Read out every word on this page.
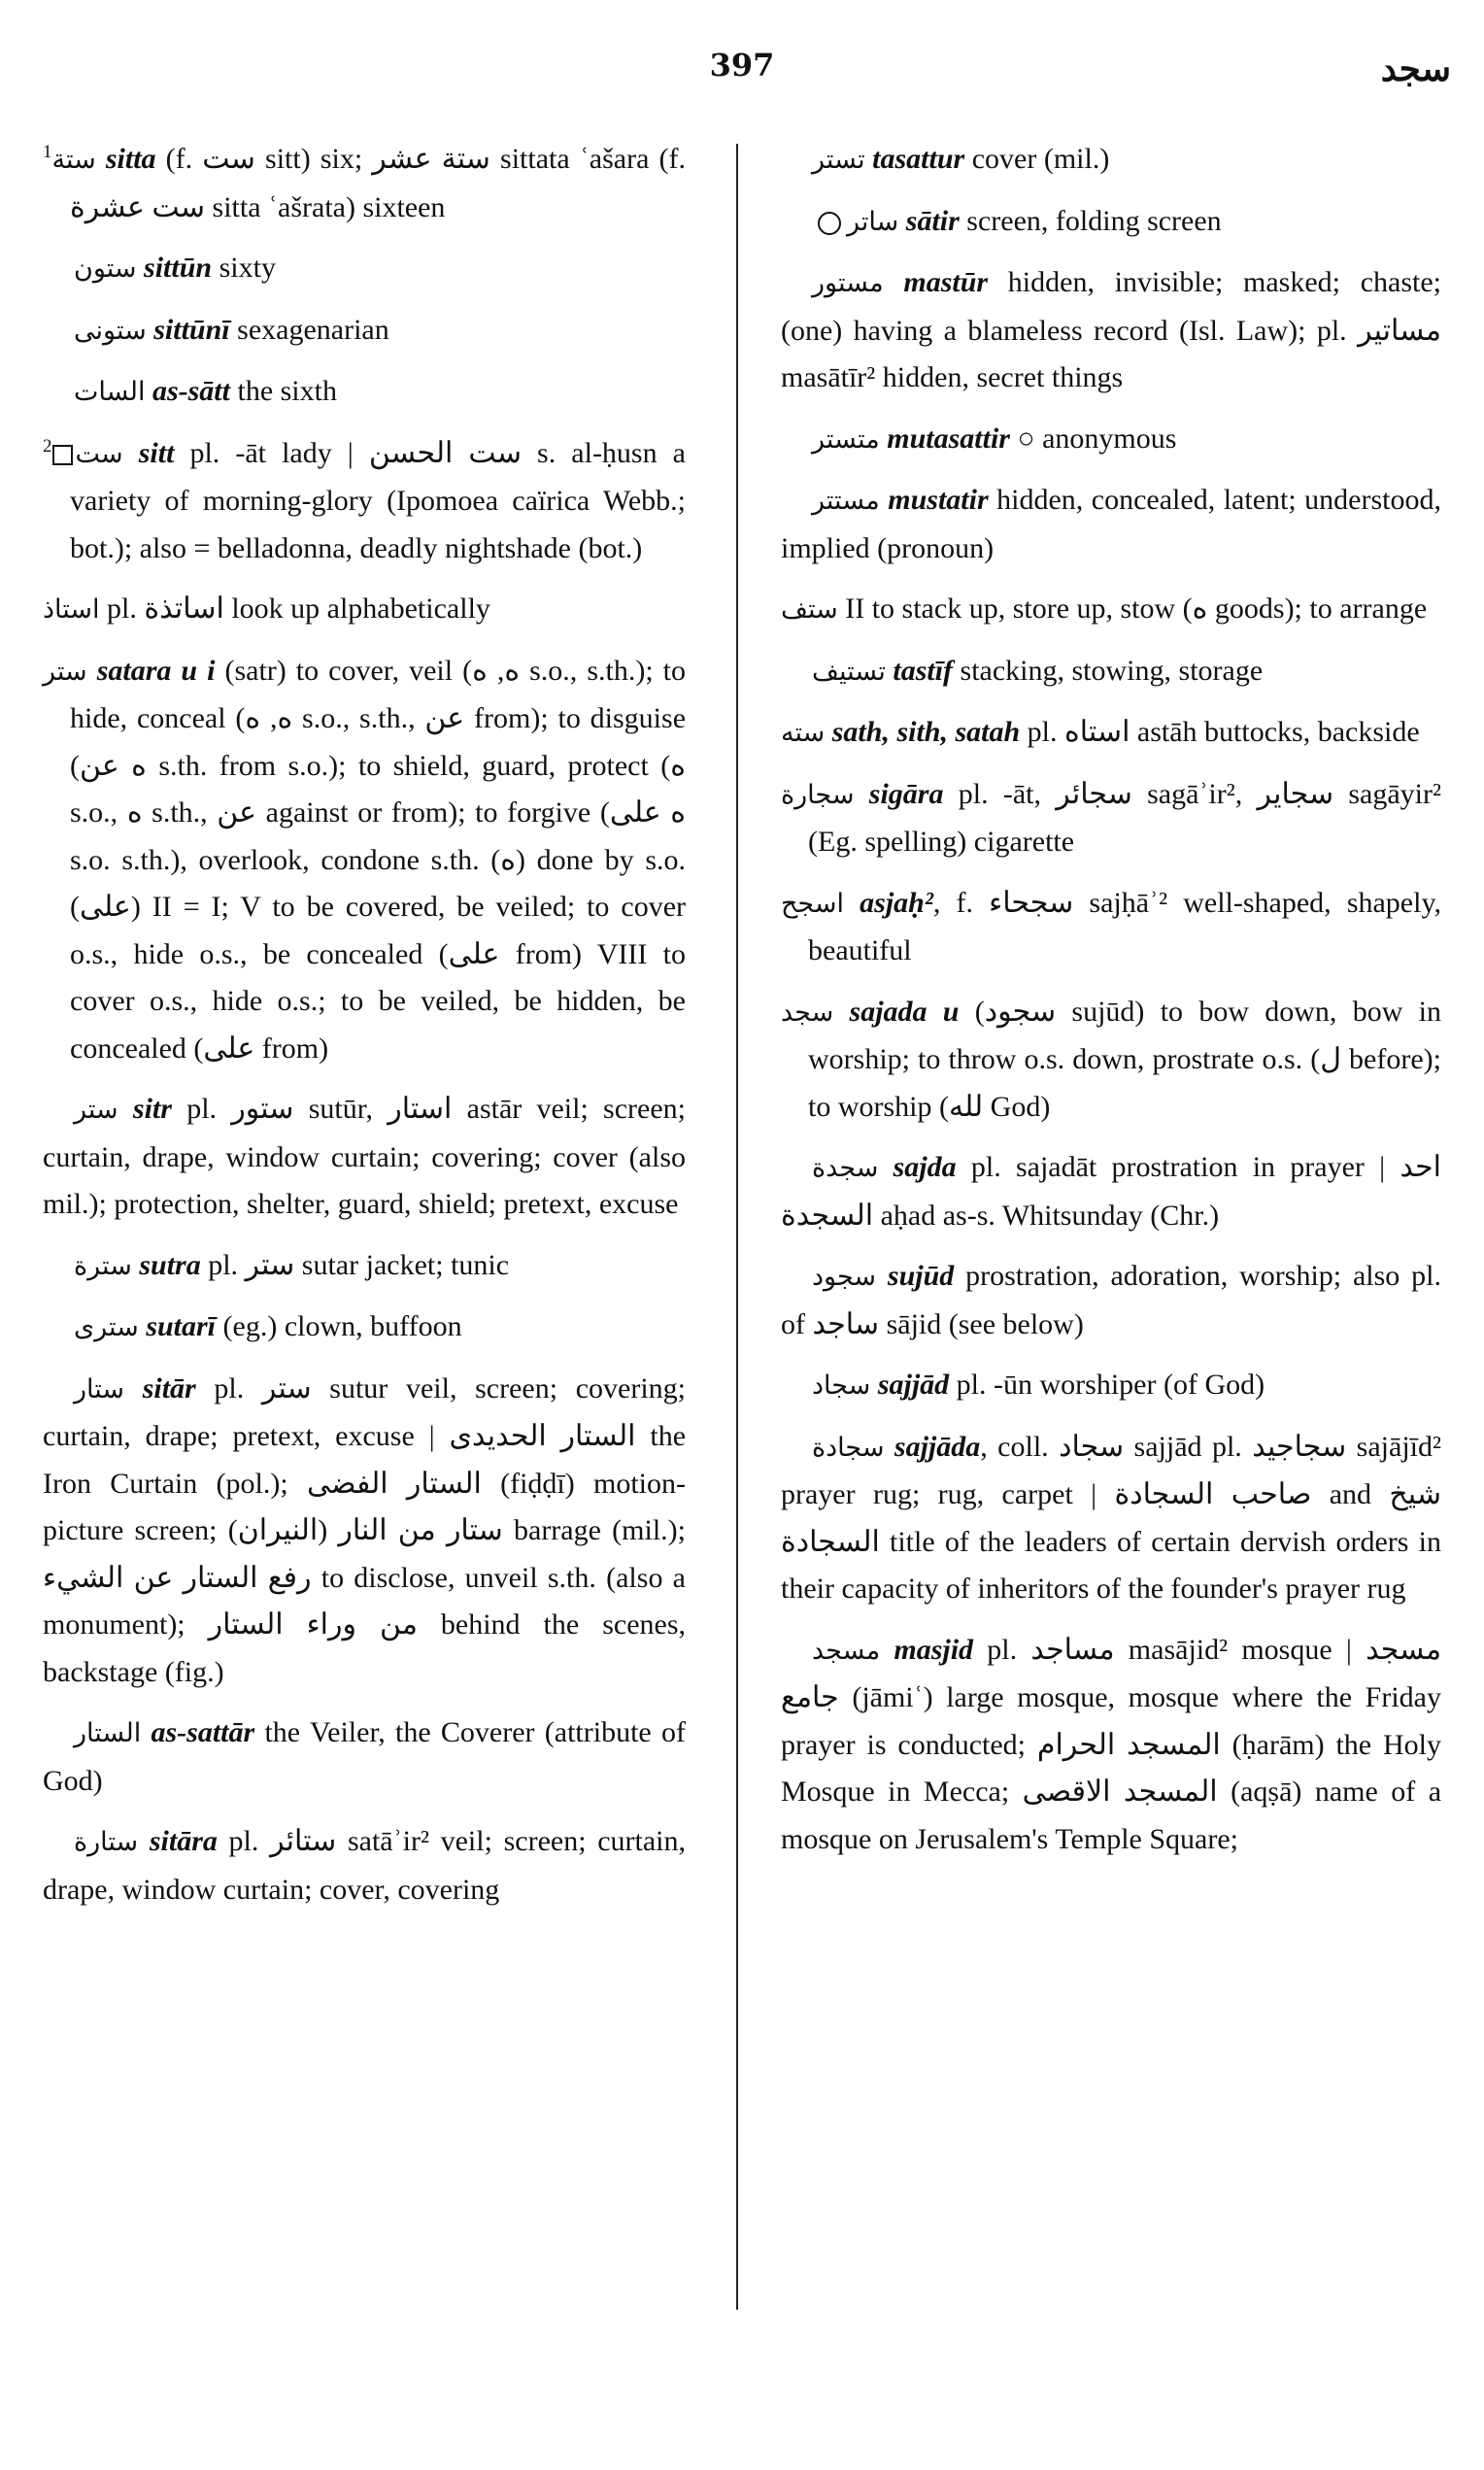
397	سجد

$^1$ستة sitta (f. ست sitt) six; ستة عشر sittata ʿašara (f. ست عشرة sitta ʿašrata) sixteen

ستون sittūn sixty

ستونى sittūnī sexagenarian

السات as-sātt the sixth

$^2$ ست sitt pl. -āt lady | ست الحسن s. al-ḥusn a variety of morning-glory (Ipomoea caïrica Webb.; bot.); also = belladonna, deadly nightshade (bot.)

استاذ pl. اساتذة look up alphabetically

ستر satara u i (satr) to cover, veil (ه, ه s.o., s.th.); to hide, conceal (ه, ه s.o., s.th., عن from); to disguise (ه عن s.th. from s.o.); to shield, guard, protect (ه s.o., ه s.th., عن against or from); to forgive (ه على s.o. s.th.), overlook, condone s.th. (ه) done by s.o. (على) II = I; V to be covered, be veiled; to cover o.s., hide o.s., be concealed (على from) VIII to cover o.s., hide o.s.; to be veiled, be hidden, be concealed (على from)

ستر sitr pl. ستور sutūr, استار astār veil; screen; curtain, drape, window curtain; covering; cover (also mil.); protection, shelter, guard, shield; pretext, excuse

سترة sutra pl. ستر sutar jacket; tunic

سترى sutarī (eg.) clown, buffoon

ستار sitār pl. ستر sutur veil, screen; covering; curtain, drape; pretext, excuse | الستار الحديدى the Iron Curtain (pol.); الستار الفضى (fiḍḍī) motion-picture screen; ستار من النار (النيران) barrage (mil.); رفع الستار عن الشيء to disclose, unveil s.th. (also a monument); من وراء الستار behind the scenes, backstage (fig.)

الستار as-sattār the Veiler, the Coverer (attribute of God)

ستارة sitāra pl. ستائر satāʾir² veil; screen; curtain, drape, window curtain; cover, covering

تستر tasattur cover (mil.)

ساتر sātir screen, folding screen

مستور mastūr hidden, invisible; masked; chaste; (one) having a blameless record (Isl. Law); pl. مساتير masātīr² hidden, secret things

متستر mutasattir ○ anonymous

مستتر mustatir hidden, concealed, latent; understood, implied (pronoun)

ستف II to stack up, store up, stow (ه goods); to arrange

تستيف tastīf stacking, stowing, storage

سته sath, sith, satah pl. استاه astāh buttocks, backside

سجارة sigāra pl. -āt, سجائر sagāʾir², سجاير sagāyir² (Eg. spelling) cigarette

اسجح asjaḥ², f. سجحاء sajḥāʾ² well-shaped, shapely, beautiful

سجد sajada u (سجود sujūd) to bow down, bow in worship; to throw o.s. down, prostrate o.s. (ل before); to worship (لله God)

سجدة sajda pl. sajadāt prostration in prayer | احد السجدة aḥad as-s. Whitsunday (Chr.)

سجود sujūd prostration, adoration, worship; also pl. of ساجد sājid (see below)

سجاد sajjād pl. -ūn worshiper (of God)

سجادة sajjāda, coll. سجاد sajjād pl. سجاجيد sajājīd² prayer rug; rug, carpet | صاحب السجادة and شيخ السجادة title of the leaders of certain dervish orders in their capacity of inheritors of the founder's prayer rug

مسجد masjid pl. مساجد masājid² mosque | مسجد جامع (jāmiʿ) large mosque, mosque where the Friday prayer is conducted; المسجد الحرام (ḥarām) the Holy Mosque in Mecca; المسجد الاقصى (aqṣā) name of a mosque on Jerusalem's Temple Square;
